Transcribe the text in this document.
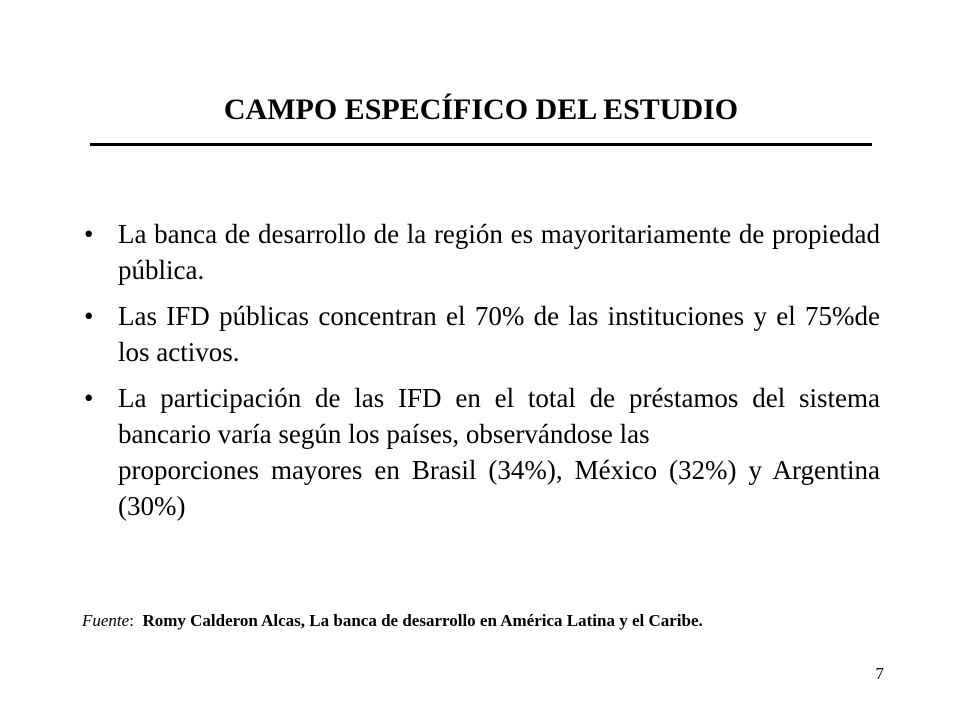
CAMPO ESPECÍFICO DEL ESTUDIO
• La banca de desarrollo de la región es mayoritariamente de propiedad pública.
• Las IFD públicas concentran el 70% de las instituciones y el 75%de los activos.
• La participación de las IFD en el total de préstamos del sistema bancario varía según los países, observándose las
proporciones mayores en Brasil (34%), México (32%) y Argentina (30%)
Fuente: Romy Calderon Alcas, La banca de desarrollo en América Latina y el Caribe.
7
